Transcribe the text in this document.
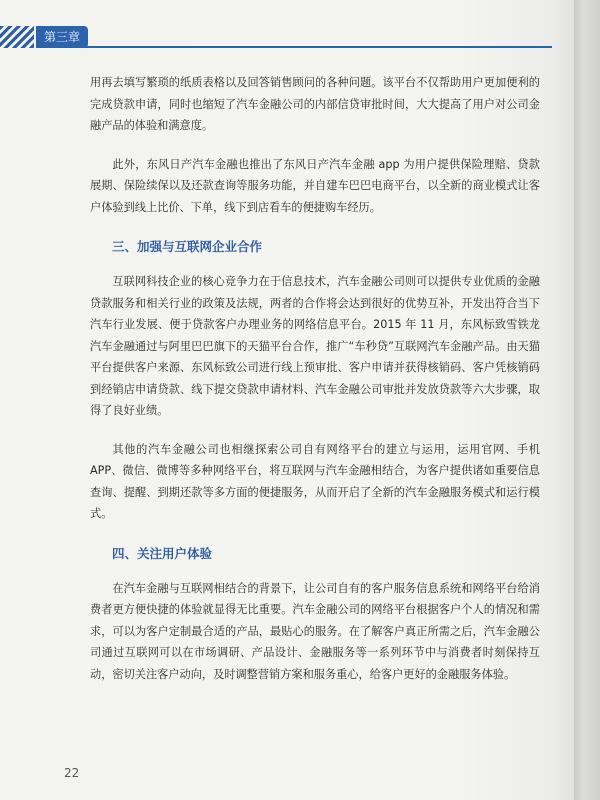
第三章

用再去填写繁琐的纸质表格以及回答销售顾问的各种问题。该平台不仅帮助用户更加便利的完成贷款申请，同时也缩短了汽车金融公司的内部信贷审批时间，大大提高了用户对公司金融产品的体验和满意度。

此外，东风日产汽车金融也推出了东风日产汽车金融 app 为用户提供保险理赔、贷款展期、保险续保以及还款查询等服务功能，并自建车巴巴电商平台，以全新的商业模式让客户体验到线上比价、下单，线下到店看车的便捷购车经历。

三、加强与互联网企业合作

互联网科技企业的核心竞争力在于信息技术，汽车金融公司则可以提供专业优质的金融贷款服务和相关行业的政策及法规，两者的合作将会达到很好的优势互补，开发出符合当下汽车行业发展、便于贷款客户办理业务的网络信息平台。2015 年 11 月，东风标致雪铁龙汽车金融通过与阿里巴巴旗下的天猫平台合作，推广“车秒贷”互联网汽车金融产品。由天猫平台提供客户来源、东风标致公司进行线上预审批、客户申请并获得核销码、客户凭核销码到经销店申请贷款、线下提交贷款申请材料、汽车金融公司审批并发放贷款等六大步骤，取得了良好业绩。

其他的汽车金融公司也相继探索公司自有网络平台的建立与运用，运用官网、手机 APP、微信、微博等多种网络平台，将互联网与汽车金融相结合，为客户提供诸如重要信息查询、提醒、到期还款等多方面的便捷服务，从而开启了全新的汽车金融服务模式和运行模式。

四、关注用户体验

在汽车金融与互联网相结合的背景下，让公司自有的客户服务信息系统和网络平台给消费者更方便快捷的体验就显得无比重要。汽车金融公司的网络平台根据客户个人的情况和需求，可以为客户定制最合适的产品，最贴心的服务。在了解客户真正所需之后，汽车金融公司通过互联网可以在市场调研、产品设计、金融服务等一系列环节中与消费者时刻保持互动，密切关注客户动向，及时调整营销方案和服务重心，给客户更好的金融服务体验。

22
